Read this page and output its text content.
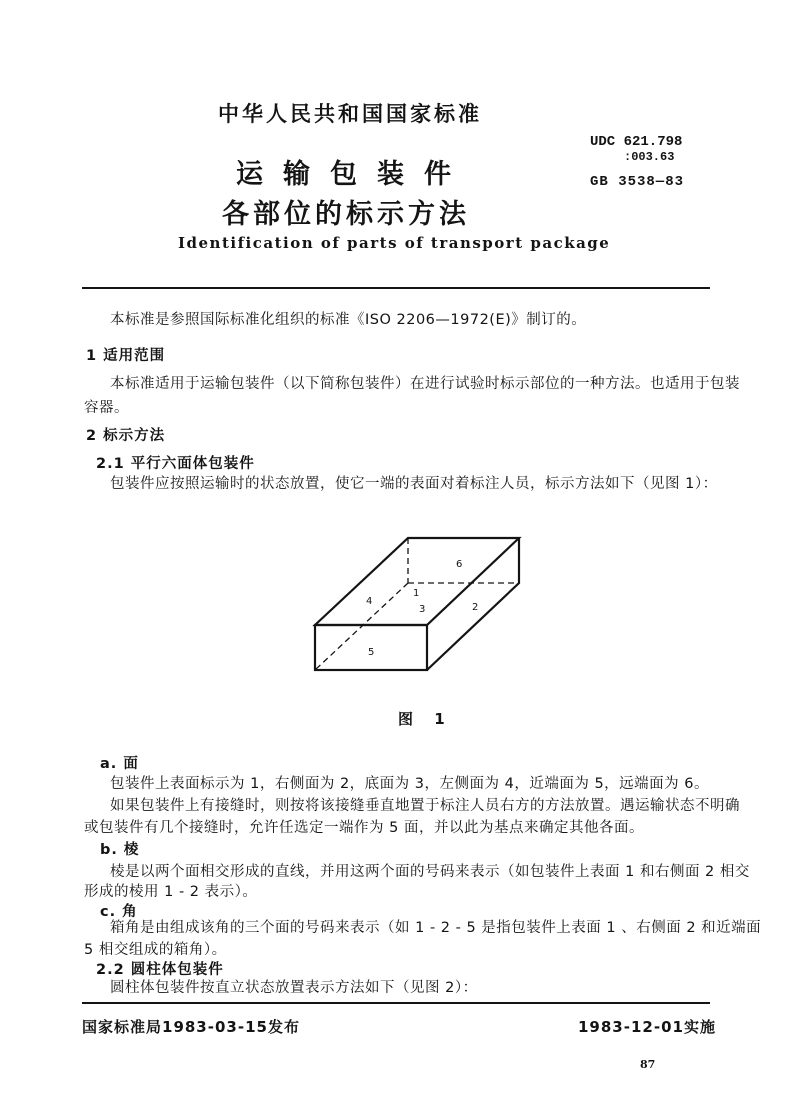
中华人民共和国国家标准
运输包装件
各部位的标示方法
Identification of parts of transport package
UDC 621.798
:003.63
GB 3538—83
本标准是参照国际标准化组织的标准《ISO 2206—1972(E)》制订的。
1 适用范围
本标准适用于运输包装件（以下简称包装件）在进行试验时标示部位的一种方法。也适用于包装
容器。
2 标示方法
2.1 平行六面体包装件
包装件应按照运输时的状态放置，使它一端的表面对着标注人员，标示方法如下（见图 1）：
6
1
4
3	2
5
图 1
a. 面
包装件上表面标示为 1，右侧面为 2，底面为 3，左侧面为 4，近端面为 5，远端面为 6。
如果包装件上有接缝时，则按将该接缝垂直地置于标注人员右方的方法放置。遇运输状态不明确
或包装件有几个接缝时，允许任选定一端作为 5 面，并以此为基点来确定其他各面。
b. 棱
棱是以两个面相交形成的直线，并用这两个面的号码来表示（如包装件上表面 1 和右侧面 2 相交
形成的棱用 1 - 2 表示）。
c. 角
箱角是由组成该角的三个面的号码来表示（如 1 - 2 - 5 是指包装件上表面 1 、右侧面 2 和近端面
5 相交组成的箱角）。
2.2 圆柱体包装件
圆柱体包装件按直立状态放置表示方法如下（见图 2）：
国家标准局1983-03-15发布	1983-12-01实施
87
